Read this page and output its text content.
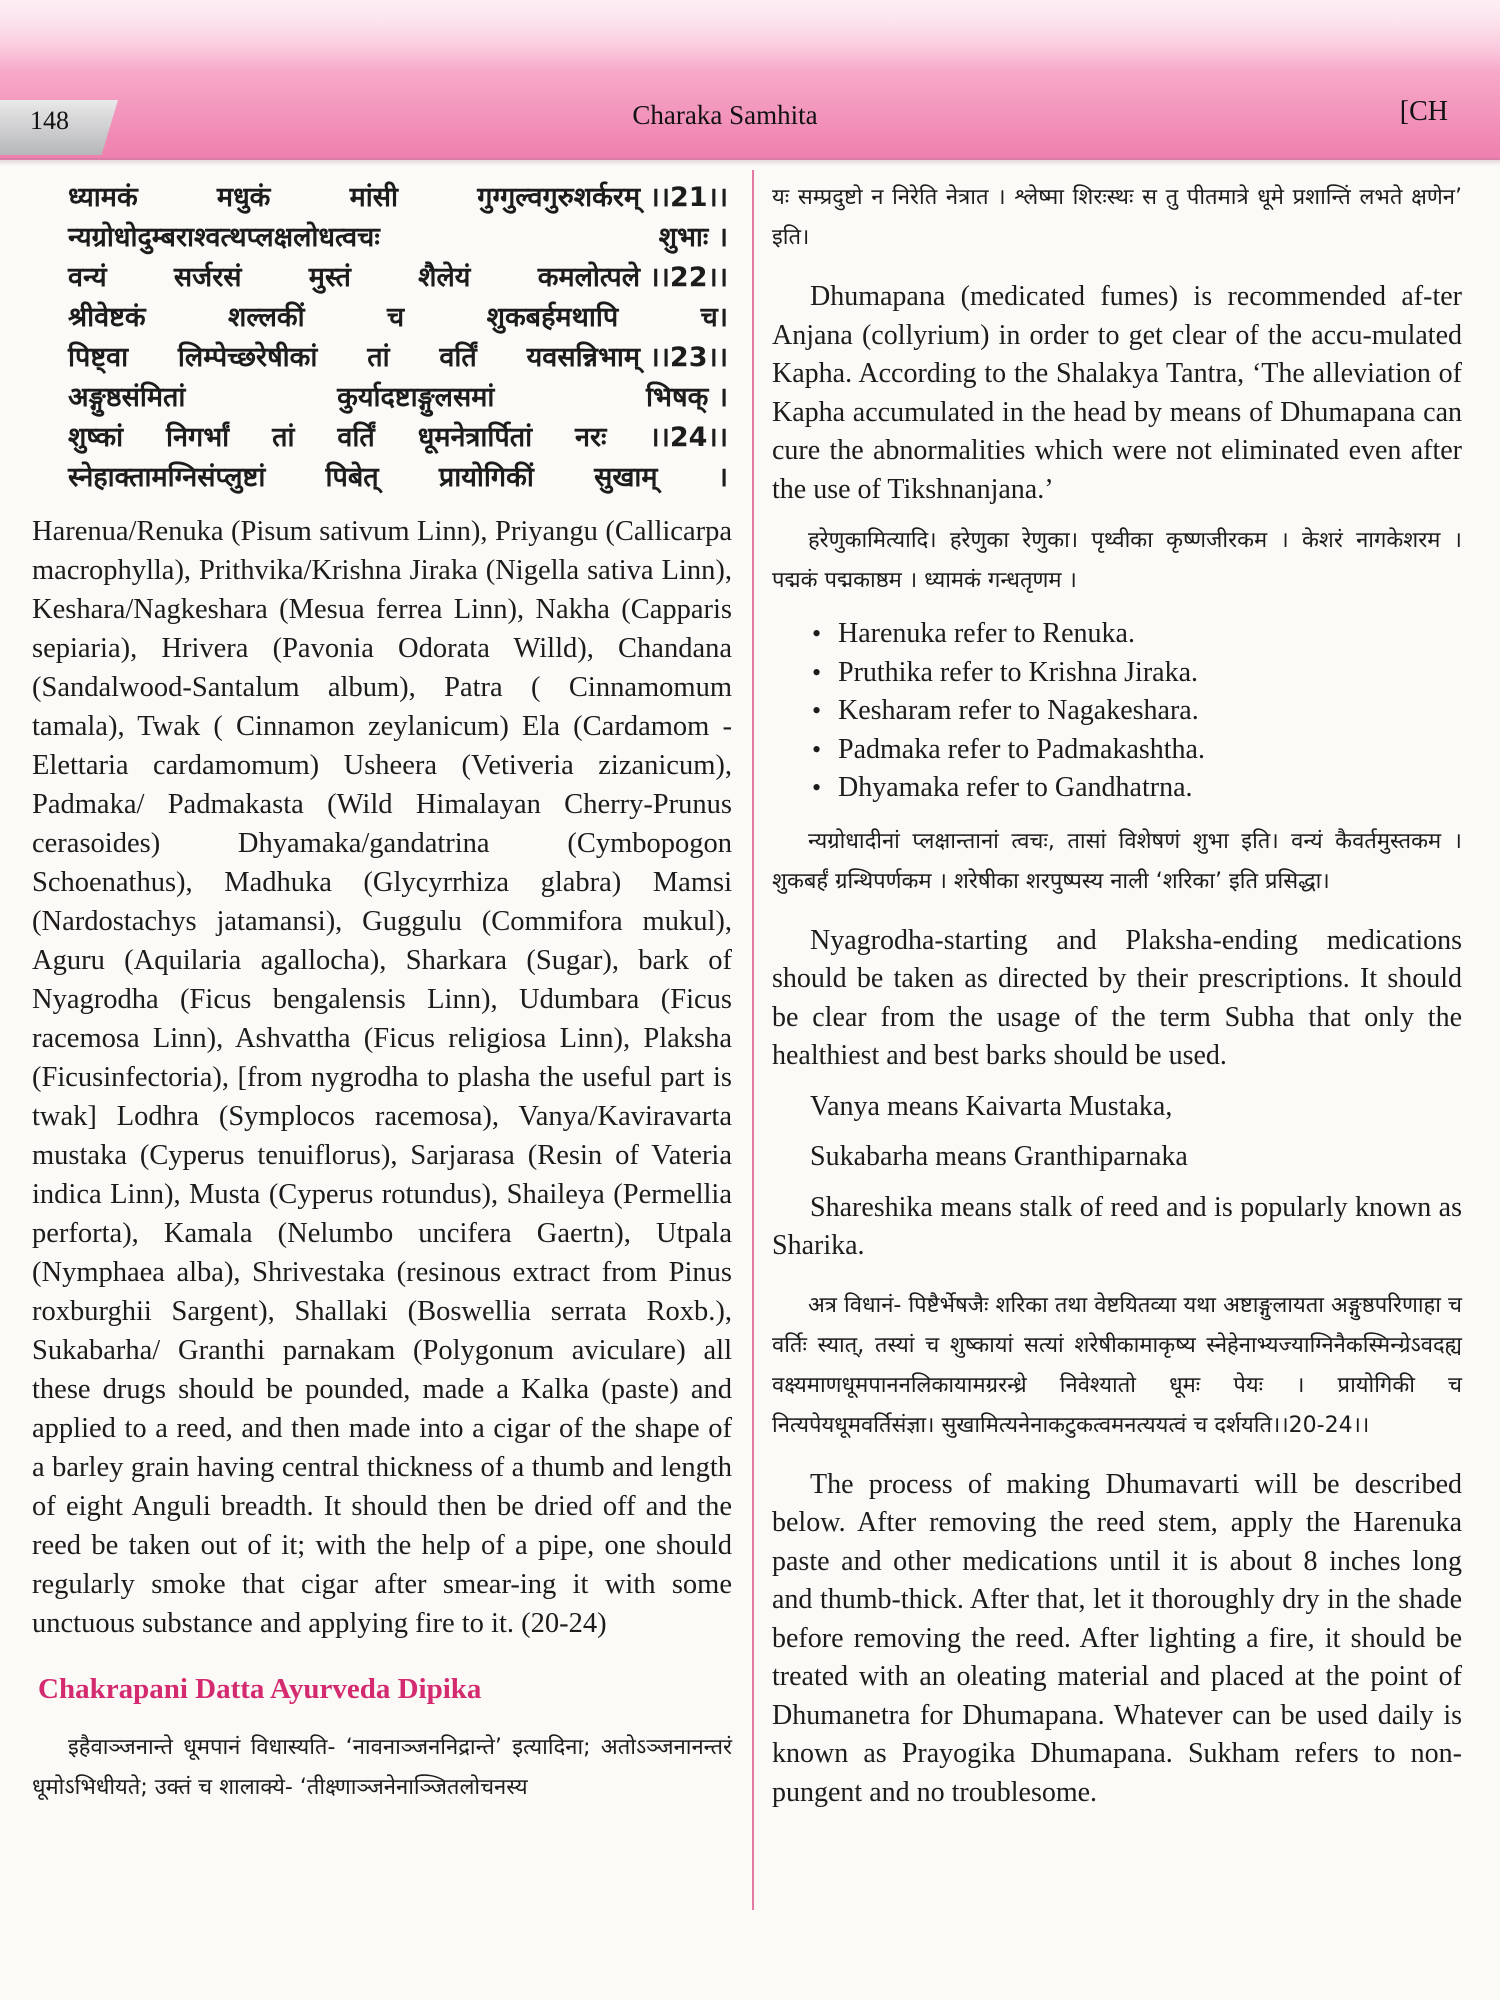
148	Charaka Samhita	[CH
ध्यामकं	मधुकं	मांसी	गुग्गुल्वगुरुशर्करम् ।।21।।
न्यग्रोधोदुम्बराश्वत्थप्लक्षलोधत्वचः	शुभाः ।
वन्यं सर्जरसं मुस्तं शैलेयं कमलोत्पले ।।22।।
श्रीवेष्टकं	शल्लकीं	च	शुकबर्हमथापि	च।
पिष्ट्वा लिम्पेच्छरेषीकां तां वर्तिं यवसन्निभाम् ।।23।।
अङ्गुष्ठसंमितां	कुर्यादष्टाङ्गुलसमां	भिषक् ।
शुष्कां निगर्भां तां वर्तिं धूमनेत्रार्पितां नरः ।।24।।
स्नेहाक्तामग्निसंप्लुष्टां पिबेत् प्रायोगिकीं सुखाम् ।

Harenua/Renuka (Pisum sativum Linn), Priyangu (Callicarpa macrophylla), Prithvika/Krishna Jiraka (Nigella sativa Linn), Keshara/Nagkeshara (Mesua ferrea Linn), Nakha (Capparis sepiaria), Hrivera (Pavonia Odorata Willd), Chandana (Sandalwood-Santalum album), Patra ( Cinnamomum tamala), Twak ( Cinnamon zeylanicum) Ela (Cardamom -Elettaria cardamomum) Usheera (Vetiveria zizanicum), Padmaka/ Padmakasta (Wild Himalayan Cherry-Prunus cerasoides) Dhyamaka/gandatrina (Cymbopogon Schoenathus), Madhuka (Glycyrrhiza glabra) Mamsi (Nardostachys jatamansi), Guggulu (Commifora mukul), Aguru (Aquilaria agallocha), Sharkara (Sugar), bark of Nyagrodha (Ficus bengalensis Linn), Udumbara (Ficus racemosa Linn), Ashvattha (Ficus religiosa Linn), Plaksha (Ficusinfectoria), [from nygrodha to plasha the useful part is twak] Lodhra (Symplocos racemosa), Vanya/Kaviravarta mustaka (Cyperus tenuiflorus), Sarjarasa (Resin of Vateria indica Linn), Musta (Cyperus rotundus), Shaileya (Permellia perforta), Kamala (Nelumbo uncifera Gaertn), Utpala (Nymphaea alba), Shrivestaka (resinous extract from Pinus roxburghii Sargent), Shallaki (Boswellia serrata Roxb.), Sukabarha/ Granthi parnakam (Polygonum aviculare) all these drugs should be pounded, made a Kalka (paste) and applied to a reed, and then made into a cigar of the shape of a barley grain having central thickness of a thumb and length of eight Anguli breadth. It should then be dried off and the reed be taken out of it; with the help of a pipe, one should regularly smoke that cigar after smear-ing it with some unctuous substance and applying fire to it. (20-24)

Chakrapani Datta Ayurveda Dipika

इहैवाञ्जनान्ते धूमपानं विधास्यति- ‘नावनाञ्जननिद्रान्ते’ इत्यादिना; अतोऽञ्जनानन्तरं धूमोऽभिधीयते; उक्तं च शालाक्ये- ‘तीक्ष्णाञ्जनेनाञ्जितलोचनस्य

यः सम्प्रदुष्टो न निरेति नेत्रात । श्लेष्मा शिरःस्थः स तु पीतमात्रे धूमे प्रशान्तिं लभते क्षणेन’ इति।

Dhumapana (medicated fumes) is recommended af-ter Anjana (collyrium) in order to get clear of the accu-mulated Kapha. According to the Shalakya Tantra, ‘The alleviation of Kapha accumulated in the head by means of Dhumapana can cure the abnormalities which were not eliminated even after the use of Tikshnanjana.’

हरेणुकामित्यादि। हरेणुका रेणुका। पृथ्वीका कृष्णजीरकम । केशरं नागकेशरम । पद्मकं पद्मकाष्ठम । ध्यामकं गन्धतृणम ।

• Harenuka refer to Renuka.
• Pruthika refer to Krishna Jiraka.
• Kesharam refer to Nagakeshara.
• Padmaka refer to Padmakashtha.
• Dhyamaka refer to Gandhatrna.

न्यग्रोधादीनां प्लक्षान्तानां त्वचः, तासां विशेषणं शुभा इति। वन्यं कैवर्तमुस्तकम । शुकबर्हं ग्रन्थिपर्णकम । शरेषीका शरपुष्पस्य नाली ‘शरिका’ इति प्रसिद्धा।

Nyagrodha-starting and Plaksha-ending medications should be taken as directed by their prescriptions. It should be clear from the usage of the term Subha that only the healthiest and best barks should be used.

Vanya means Kaivarta Mustaka,

Sukabarha means Granthiparnaka

Shareshika means stalk of reed and is popularly known as Sharika.

अत्र विधानं- पिष्टैर्भेषजैः शरिका तथा वेष्टयितव्या यथा अष्टाङ्गुलायता अङ्गुष्ठपरिणाहा च वर्तिः स्यात्, तस्यां च शुष्कायां सत्यां शरेषीकामाकृष्य स्नेहेनाभ्यज्याग्निनैकस्मिन्ग्रेऽवदह्य वक्ष्यमाणधूमपाननलिकायामग्ररन्ध्रे निवेश्यातो धूमः पेयः । प्रायोगिकी च नित्यपेयधूमवर्तिसंज्ञा। सुखामित्यनेनाकटुकत्वमनत्ययत्वं च दर्शयति।।20-24।।

The process of making Dhumavarti will be described below. After removing the reed stem, apply the Harenuka paste and other medications until it is about 8 inches long and thumb-thick. After that, let it thoroughly dry in the shade before removing the reed. After lighting a fire, it should be treated with an oleating material and placed at the point of Dhumanetra for Dhumapana. Whatever can be used daily is known as Prayogika Dhumapana. Sukham refers to non-pungent and no troublesome.
